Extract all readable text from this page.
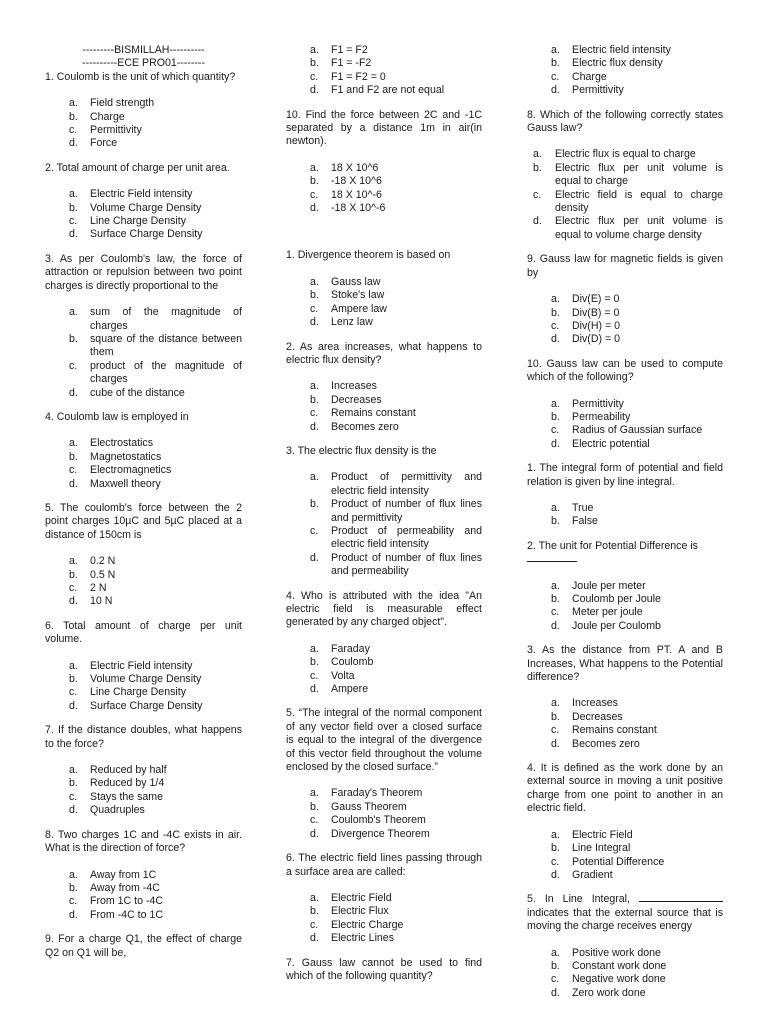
---------BISMILLAH----------

----------ECE PRO01--------

1. Coulomb is the unit of which quantity?

a. Field strength
b. Charge
c. Permittivity
d. Force

2. Total amount of charge per unit area.

a. Electric Field intensity
b. Volume Charge Density
c. Line Charge Density
d. Surface Charge Density

3. As per Coulomb's law, the force of attraction or repulsion between two point charges is directly proportional to the

a. sum of the magnitude of charges
b. square of the distance between them
c. product of the magnitude of charges
d. cube of the distance

4. Coulomb law is employed in

a. Electrostatics
b. Magnetostatics
c. Electromagnetics
d. Maxwell theory

5. The coulomb's force between the 2 point charges 10µC and 5µC placed at a distance of 150cm is

a. 0.2 N
b. 0.5 N
c. 2 N
d. 10 N

6. Total amount of charge per unit volume.

a. Electric Field intensity
b. Volume Charge Density
c. Line Charge Density
d. Surface Charge Density

7. If the distance doubles, what happens to the force?

a. Reduced by half
b. Reduced by 1/4
c. Stays the same
d. Quadruples

8. Two charges 1C and -4C exists in air. What is the direction of force?

a. Away from 1C
b. Away from -4C
c. From 1C to -4C
d. From -4C to 1C

9. For a charge Q1, the effect of charge Q2 on Q1 will be,

a. F1 = F2
b. F1 = -F2
c. F1 = F2 = 0
d. F1 and F2 are not equal

10. Find the force between 2C and -1C separated by a distance 1m in air(in newton).

a. 18 X 10^6
b. -18 X 10^6
c. 18 X 10^-6
d. -18 X 10^-6

1. Divergence theorem is based on

a. Gauss law
b. Stoke's law
c. Ampere law
d. Lenz law

2. As area increases, what happens to electric flux density?

a. Increases
b. Decreases
c. Remains constant
d. Becomes zero

3. The electric flux density is the

a. Product of permittivity and electric field intensity
b. Product of number of flux lines and permittivity
c. Product of permeability and electric field intensity
d. Product of number of flux lines and permeability

4. Who is attributed with the idea "An electric field is measurable effect generated by any charged object".

a. Faraday
b. Coulomb
c. Volta
d. Ampere

5. “The integral of the normal component of any vector field over a closed surface is equal to the integral of the divergence of this vector field throughout the volume enclosed by the closed surface.”

a. Faraday's Theorem
b. Gauss Theorem
c. Coulomb's Theorem
d. Divergence Theorem

6. The electric field lines passing through a surface area are called:

a. Electric Field
b. Electric Flux
c. Electric Charge
d. Electric Lines

7. Gauss law cannot be used to find which of the following quantity?

a. Electric field intensity
b. Electric flux density
c. Charge
d. Permittivity

8. Which of the following correctly states Gauss law?

a. Electric flux is equal to charge
b. Electric flux per unit volume is equal to charge
c. Electric field is equal to charge density
d. Electric flux per unit volume is equal to volume charge density

9. Gauss law for magnetic fields is given by

a. Div(E) = 0
b. Div(B) = 0
c. Div(H) = 0
d. Div(D) = 0

10. Gauss law can be used to compute which of the following?

a. Permittivity
b. Permeability
c. Radius of Gaussian surface
d. Electric potential

1. The integral form of potential and field relation is given by line integral.

a. True
b. False

2. The unit for Potential Difference is

a. Joule per meter
b. Coulomb per Joule
c. Meter per joule
d. Joule per Coulomb

3. As the distance from PT. A and B Increases, What happens to the Potential difference?

a. Increases
b. Decreases
c. Remains constant
d. Becomes zero

4. It is defined as the work done by an external source in moving a unit positive charge from one point to another in an electric field.

a. Electric Field
b. Line Integral
c. Potential Difference
d. Gradient

5. In Line Integral,  indicates that the external source that is moving the charge receives energy

a. Positive work done
b. Constant work done
c. Negative work done
d. Zero work done
